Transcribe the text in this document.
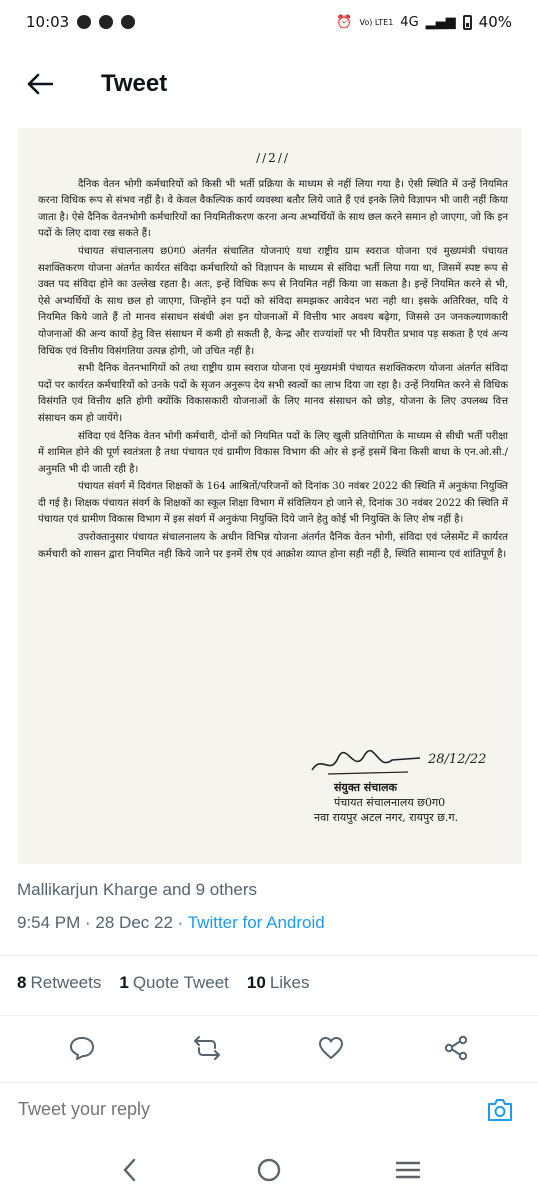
10:03	⏰ Vo) LTE1 4G ▂▄▆ 40%
Tweet
//2//

दैनिक वेतन भोगी कर्मचारियों को किसी भी भर्ती प्रक्रिया के माध्यम से नहीं लिया गया है। ऐसी स्थिति में उन्हें नियमित करना विधिक रूप से संभव नहीं है। वे केवल वैकल्पिक कार्य व्यवस्था बतौर लिये जाते हैं एवं इनके लिये विज्ञापन भी जारी नहीं किया जाता है। ऐसे दैनिक वेतनभोगी कर्मचारियों का नियमितीकरण करना अन्य अभ्यर्थियों के साथ छल करने समान हो जाएगा, जो कि इन पदों के लिए दावा रख सकते हैं।

पंचायत संचालनालय छ0ग0 अंतर्गत संचालित योजनाएं यथा राष्ट्रीय ग्राम स्वराज योजना एवं मुख्यमंत्री पंचायत सशक्तिकरण योजना अंतर्गत कार्यरत संविदा कर्मचारियो को विज्ञापन के माध्यम से संविदा भर्ती लिया गया था, जिसमें स्पष्ट रूप से उक्त पद संविदा होने का उल्लेख रहता है। अतः, इन्हें विधिक रूप से नियमित नहीं किया जा सकता है। इन्हें नियमित करने से भी, ऐसे अभ्यर्थियों के साथ छल हो जाएगा, जिन्होंने इन पदों को संविदा समझकर आवेदन भरा नही था। इसके अतिरिक्त, यदि ये नियमित किये जाते हैं तो मानव संसाधन संबंधी अंश इन योजनाओं में वित्तीय भार अवश्य बढ़ेगा, जिससे उन जनकल्याणकारी योजनाओं की अन्य कार्यो हेतु वित्त संसाधन में कमी हो सकती है, केन्द्र और राज्यांशों पर भी विपरीत प्रभाव पड़ सकता है एवं अन्य विधिक एवं वित्तीय विसंगतिया उत्पन्न होगी, जो उचित नहीं है।

सभी दैनिक वेतनभागियों को तथा राष्ट्रीय ग्राम स्वराज योजना एवं मुख्यमंत्री पंचायत सशक्तिकरण योजना अंतर्गत संविदा पदों पर कार्यरत कर्मचारियों को उनके पदों के सृजन अनुरूप देय सभी स्वत्वों का लाभ दिया जा रहा है। उन्हें नियमित करने से विधिक विसंगति एवं वित्तीय क्षति होगी क्योंकि विकासकारी योजनाओं के लिए मानव संसाधन को छोड़, योजना के लिए उपलब्ध वित्त संसाधन कम हो जायेंगे।

संविदा एवं दैनिक वेतन भोगी कर्मचारी, दोनों को नियमित पदों के लिए खुली प्रतियोगिता के माध्यम से सीधी भर्ती परीक्षा में शामिल होने की पूर्ण स्वतंत्रता है तथा पंचायत एवं ग्रामीण विकास विभाग की ओर से इन्हें इसमें बिना किसी बाधा के एन.ओ.सी./अनुमति भी दी जाती रही है।

पंचायत संवर्ग में दिवंगत शिक्षकों के 164 आश्रितों/परिजनों को दिनांक 30 नवंबर 2022 की स्थिति में अनुकंपा नियुक्ति दी गई है। शिक्षक पंचायत संवर्ग के शिक्षकों का स्कूल शिक्षा विभाग में संविलियन हो जाने से, दिनांक 30 नवंबर 2022 की स्थिति में पंचायत एवं ग्रामीण विकास विभाग में इस संवर्ग में अनुकंपा नियुक्ति दिये जाने हेतु कोई भी नियुक्ति के लिए शेष नहीं है।

उपरोक्तानुसार पंचायत संचालनालय के अधीन विभिन्न योजना अंतर्गत दैनिक वेतन भोगी, संविदा एवं प्लेसमेंट में कार्यरत कर्मचारी को शासन द्वारा नियमित नही किये जाने पर इनमें रोष एवं आक्रोश व्याप्त होना सही नहीं है, स्थिति सामान्य एवं शांतिपूर्ण है।

28/12/22
संयुक्त संचालक
पंचायत संचालनालय छ0ग0
नवा रायपुर अटल नगर, रायपुर छ.ग.
Mallikarjun Kharge and 9 others
9:54 PM · 28 Dec 22 · Twitter for Android
8 Retweets 1 Quote Tweet 10 Likes
Tweet your reply
